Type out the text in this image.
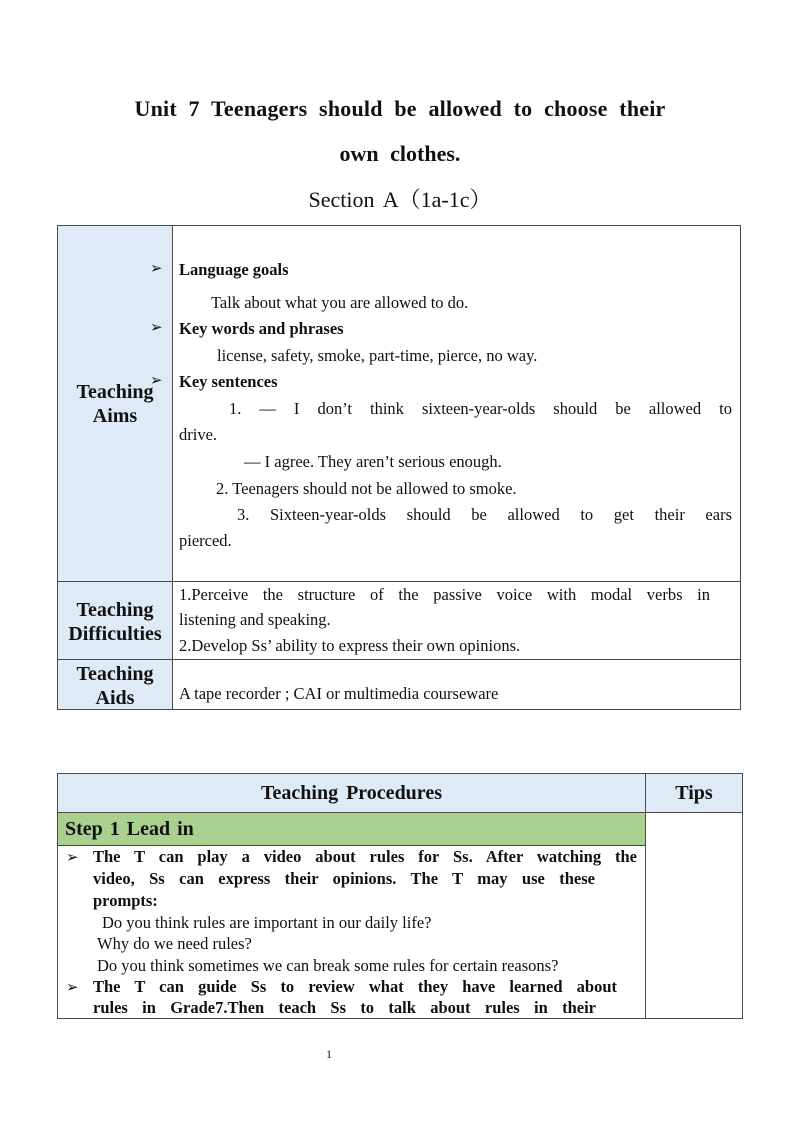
Unit 7 Teenagers should be allowed to choose their
own clothes.
Section A（1a-1c）
Teaching Aims
➢ Language goals
Talk about what you are allowed to do.
➢ Key words and phrases
license, safety, smoke, part-time, pierce, no way.
➢ Key sentences
1. — I don’t think sixteen-year-olds should be allowed to
drive.
— I agree. They aren’t serious enough.
2. Teenagers should not be allowed to smoke.
3. Sixteen-year-olds should be allowed to get their ears
pierced.
Teaching Difficulties
1.Perceive the structure of the passive voice with modal verbs in
listening and speaking.
2.Develop Ss’ ability to express their own opinions.
Teaching Aids	A tape recorder ; CAI or multimedia courseware
Teaching Procedures	Tips
Step 1 Lead in
➢ The T can play a video about rules for Ss. After watching the
video, Ss can express their opinions. The T may use these
prompts:
Do you think rules are important in our daily life?
Why do we need rules?
Do you think sometimes we can break some rules for certain reasons?
➢ The T can guide Ss to review what they have learned about
rules in Grade7.Then teach Ss to talk about rules in their
1
